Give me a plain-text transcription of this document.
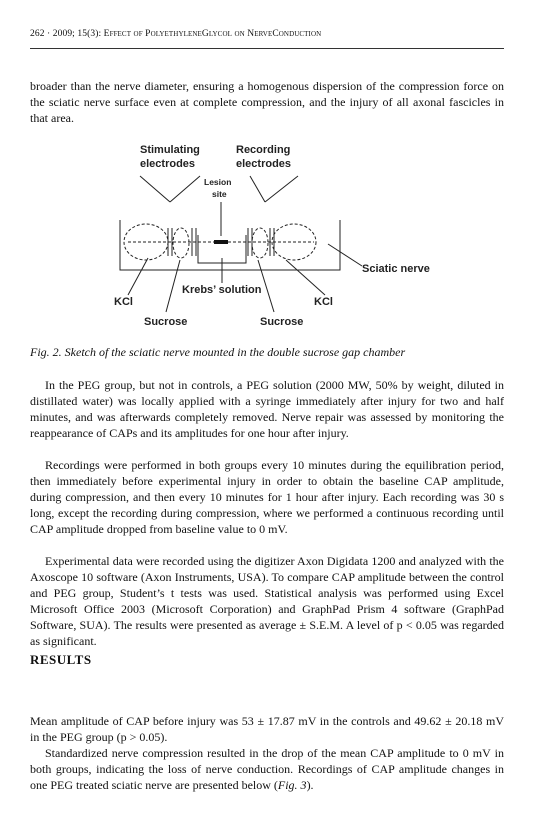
262 · 2009; 15(3): Effect of PolyethyleneGlycol on NerveConduction
broader than the nerve diameter, ensuring a homogenous dispersion of the compression force on the sciatic nerve surface even at complete compression, and the injury of all axonal fascicles in that area.
Stimulating
electrodes
Recording
electrodes
Lesion
site
Sciatic nerve
KCl
Krebs’ solution
KCl
Sucrose	Sucrose
Fig. 2. Sketch of the sciatic nerve mounted in the double sucrose gap chamber
In the PEG group, but not in controls, a PEG solution (2000 MW, 50% by weight, diluted in distillated water) was locally applied with a syringe immediately after injury for two and half minutes, and was afterwards completely removed. Nerve repair was assessed by monitoring the reappearance of CAPs and its amplitudes for one hour after injury.
Recordings were performed in both groups every 10 minutes during the equilibration period, then immediately before experimental injury in order to obtain the baseline CAP amplitude, during compression, and then every 10 minutes for 1 hour after injury. Each recording was 30 s long, except the recording during compression, where we performed a continuous recording until CAP amplitude dropped from baseline value to 0 mV.
Experimental data were recorded using the digitizer Axon Digidata 1200 and analyzed with the Axoscope 10 software (Axon Instruments, USA). To compare CAP amplitude between the control and PEG group, Student’s t tests was used. Statistical analysis was performed using Excel Microsoft Office 2003 (Microsoft Corporation) and GraphPad Prism 4 software (GraphPad Software, SUA). The results were presented as average ± S.E.M. A level of p < 0.05 was regarded as significant.
RESULTS
Mean amplitude of CAP before injury was 53 ± 17.87 mV in the controls and 49.62 ± 20.18 mV in the PEG group (p > 0.05).
Standardized nerve compression resulted in the drop of the mean CAP amplitude to 0 mV in both groups, indicating the loss of nerve conduction. Recordings of CAP amplitude changes in one PEG treated sciatic nerve are presented below (Fig. 3).
